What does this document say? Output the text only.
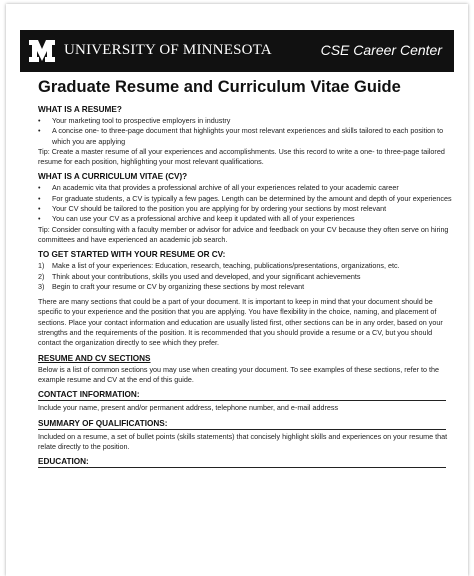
UNIVERSITY OF MINNESOTA	CSE Career Center
Graduate Resume and Curriculum Vitae Guide
WHAT IS A RESUME?
•	Your marketing tool to prospective employers in industry
•	A concise one- to three-page document that highlights your most relevant experiences and skills tailored to each position to
which you are applying
Tip: Create a master resume of all your experiences and accomplishments. Use this record to write a one- to three-page tailored
resume for each position, highlighting your most relevant qualifications.
WHAT IS A CURRICULUM VITAE (CV)?
•	An academic vita that provides a professional archive of all your experiences related to your academic career
•	For graduate students, a CV is typically a few pages. Length can be determined by the amount and depth of your experiences
•	Your CV should be tailored to the position you are applying for by ordering your sections by most relevant
•	You can use your CV as a professional archive and keep it updated with all of your experiences
Tip: Consider consulting with a faculty member or advisor for advice and feedback on your CV because they often serve on hiring
committees and have experienced an academic job search.
TO GET STARTED WITH YOUR RESUME OR CV:
1)	Make a list of your experiences: Education, research, teaching, publications/presentations, organizations, etc.
2)	Think about your contributions, skills you used and developed, and your significant achievements
3)	Begin to craft your resume or CV by organizing these sections by most relevant
There are many sections that could be a part of your document. It is important to keep in mind that your document should be
specific to your experience and the position that you are applying. You have flexibility in the choice, naming, and placement of
sections. Place your contact information and education are usually listed first, other sections can be in any order, based on your
strengths and the requirements of the position. It is recommended that you should provide a resume or a CV, but you should
contact the organization directly to see which they prefer.
RESUME AND CV SECTIONS
Below is a list of common sections you may use when creating your document. To see examples of these sections, refer to the
example resume and CV at the end of this guide.
CONTACT INFORMATION:
Include your name, present and/or permanent address, telephone number, and e-mail address
SUMMARY OF QUALIFICATIONS:
Included on a resume, a set of bullet points (skills statements) that concisely highlight skills and experiences on your resume that
relate directly to the position.
EDUCATION:
